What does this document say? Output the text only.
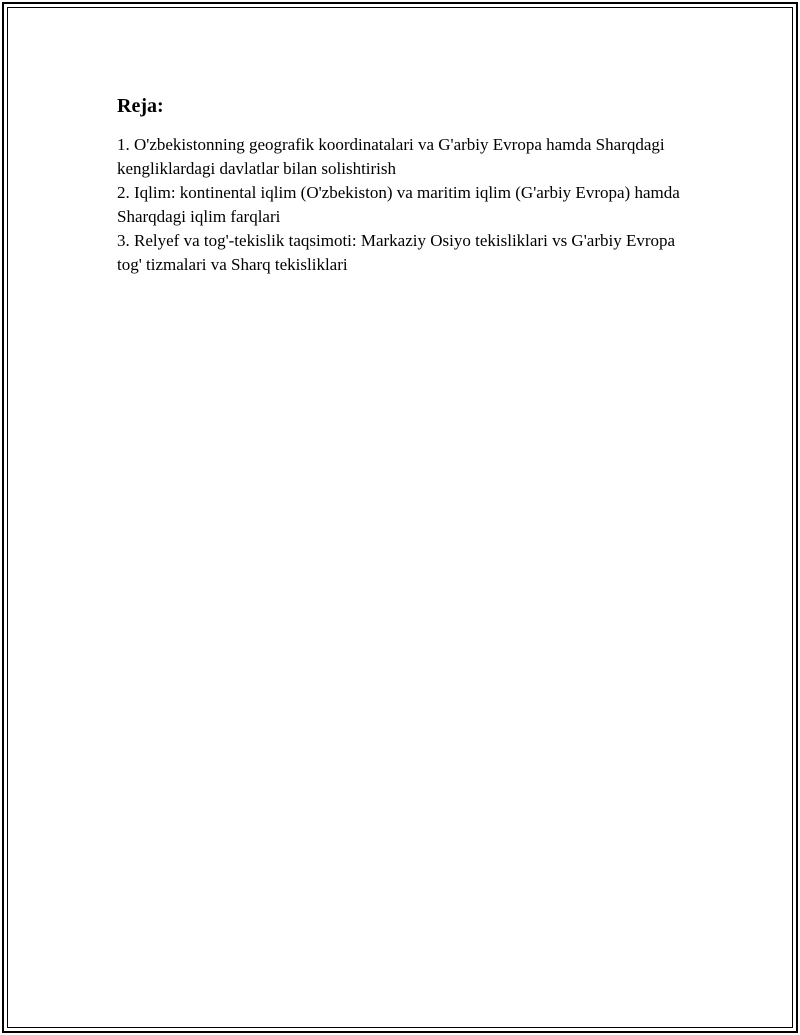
Reja:
1. O'zbekistonning geografik koordinatalari va G'arbiy Evropa hamda Sharqdagi kengliklardagi davlatlar bilan solishtirish
2. Iqlim: kontinental iqlim (O'zbekiston) va maritim iqlim (G'arbiy Evropa) hamda Sharqdagi iqlim farqlari
3. Relyef va tog'-tekislik taqsimoti: Markaziy Osiyo tekisliklari vs G'arbiy Evropa tog' tizmalari va Sharq tekisliklari
